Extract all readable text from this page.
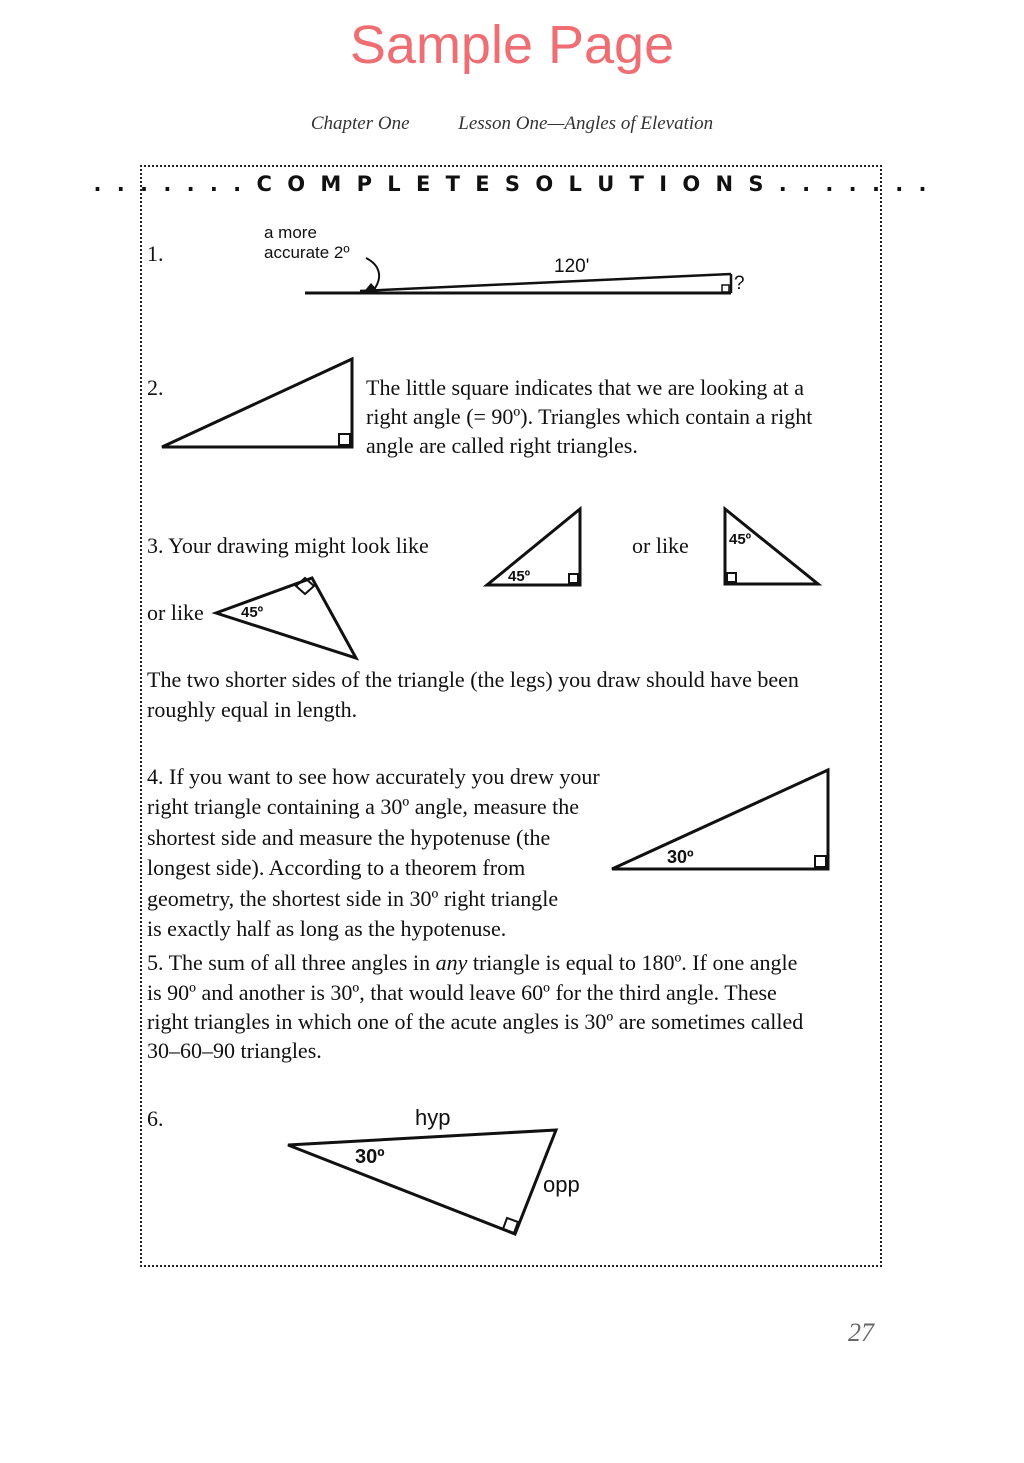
Sample Page
Chapter One	Lesson One—Angles of Elevation
. . . . . . . C O M P L E T E S O L U T I O N S . . . . . . .
1.
a more
accurate 2º
120'
?
2.	The little square indicates that we are looking at a
right angle (= 90º). Triangles which contain a right
angle are called right triangles.
3. Your drawing might look like	or like
or like
45º
45º
45º
The two shorter sides of the triangle (the legs) you draw should have been
roughly equal in length.
4. If you want to see how accurately you drew your
right triangle containing a 30º angle, measure the
shortest side and measure the hypotenuse (the
longest side). According to a theorem from
geometry, the shortest side in 30º right triangle
is exactly half as long as the hypotenuse.
30º
5. The sum of all three angles in any triangle is equal to 180º. If one angle
is 90º and another is 30º, that would leave 60º for the third angle. These
right triangles in which one of the acute angles is 30º are sometimes called
30–60–90 triangles.
6.	hyp
opp
30º
27
